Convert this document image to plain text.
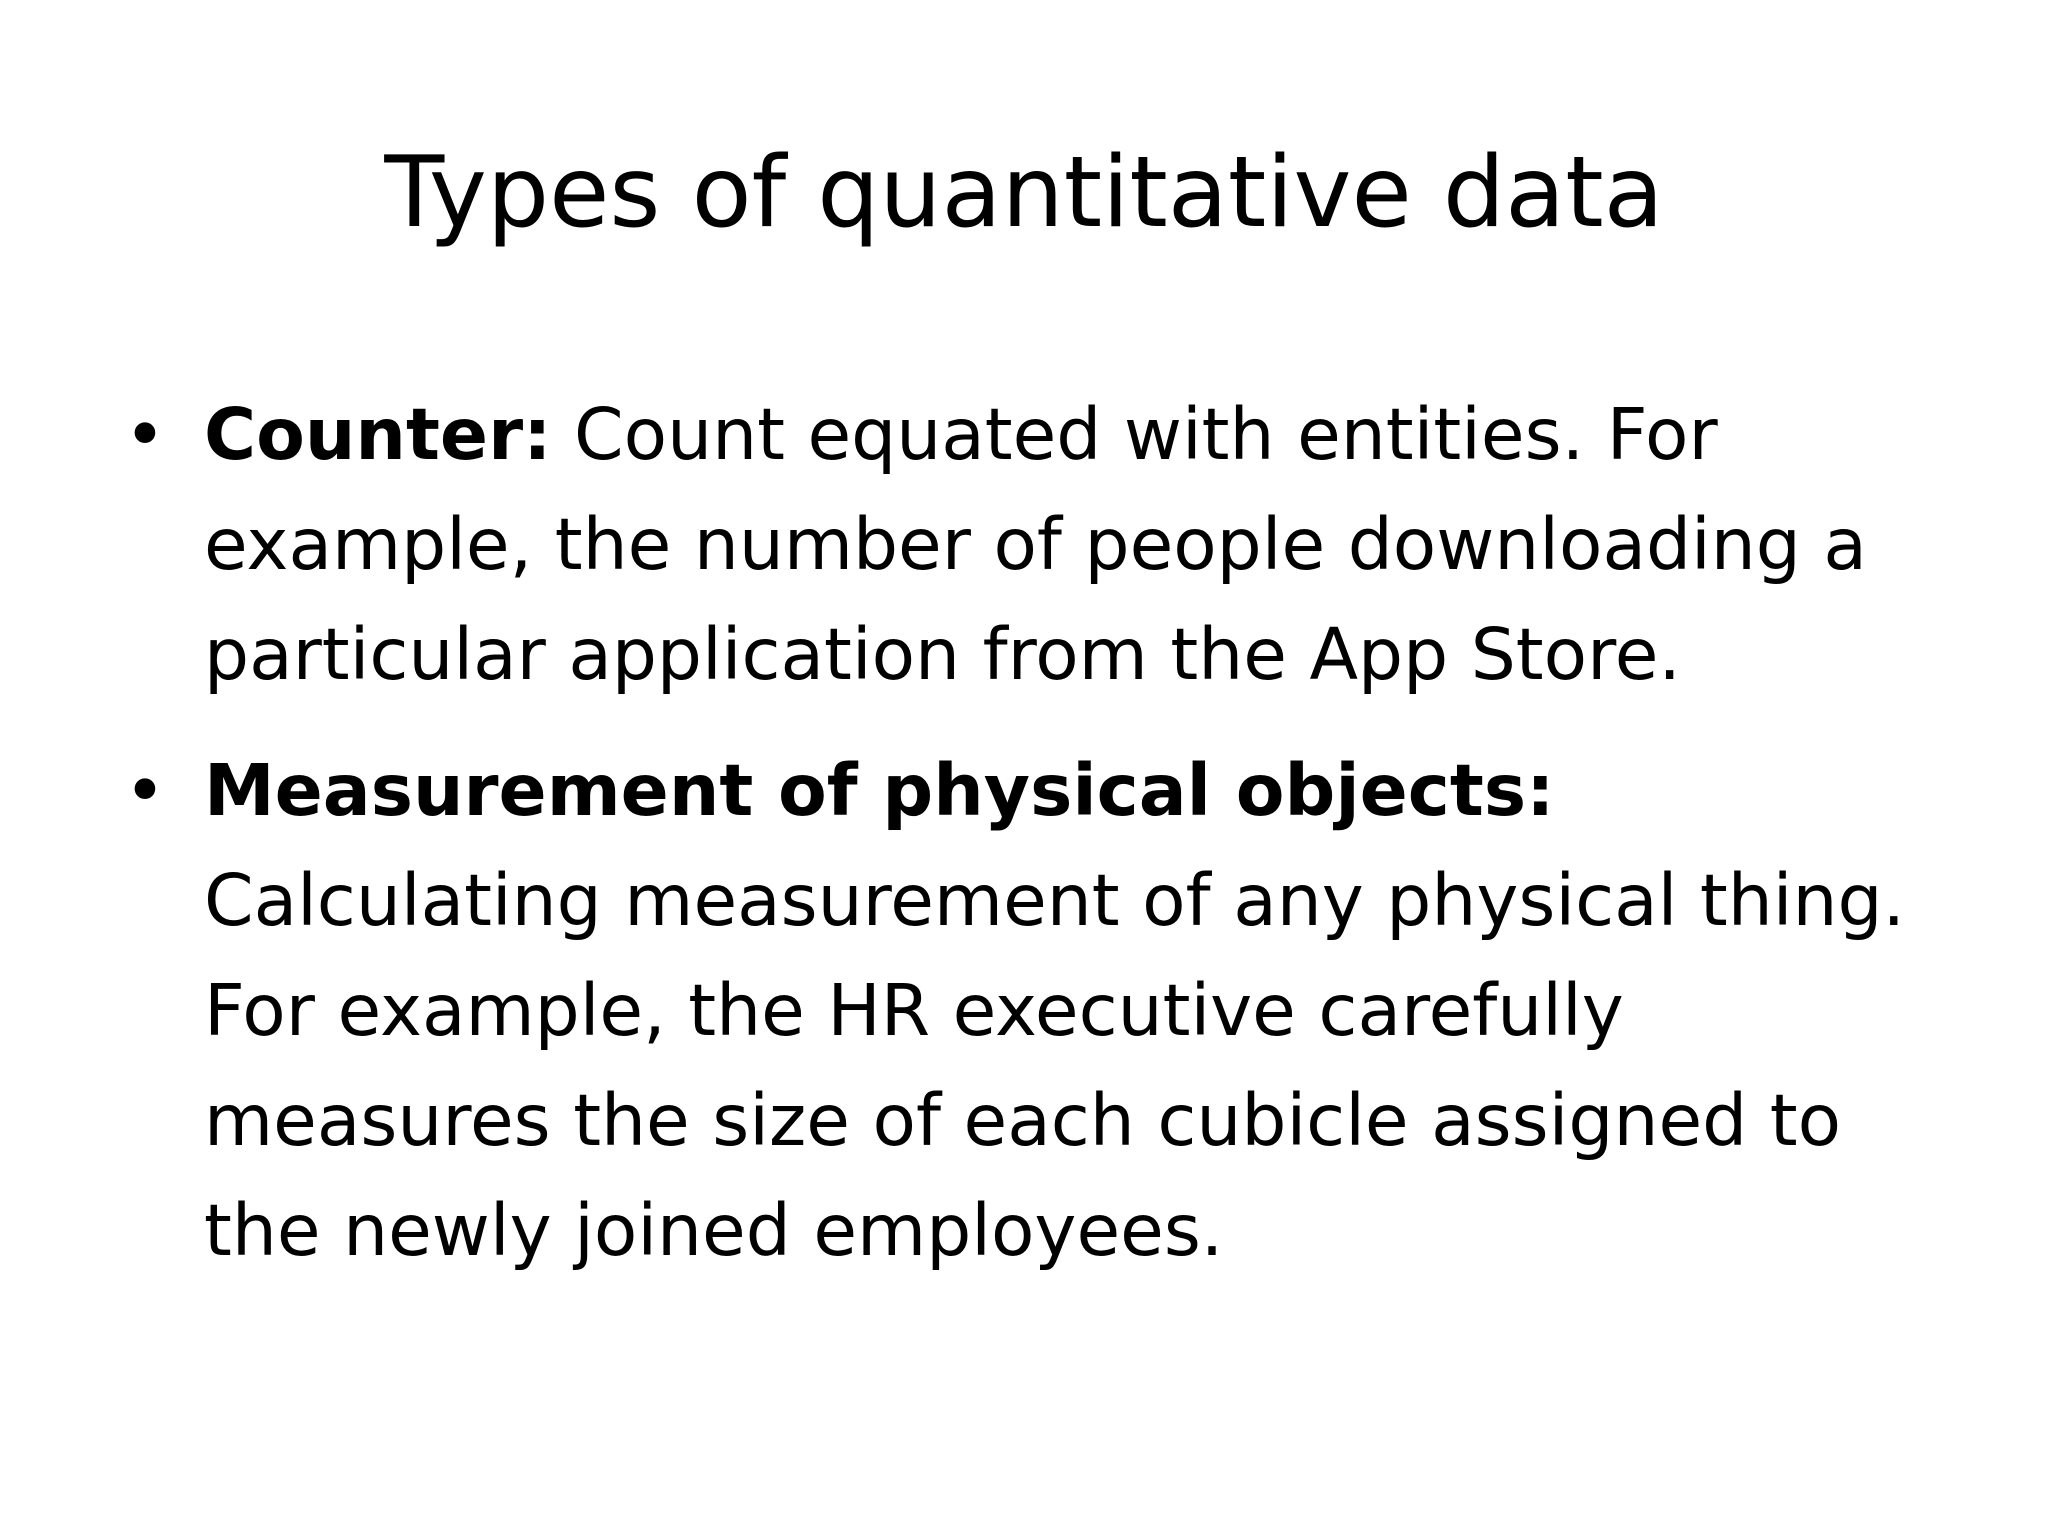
Types of quantitative data
• Counter: Count equated with entities. For example, the number of people downloading a particular application from the App Store.
• Measurement of physical objects: Calculating measurement of any physical thing. For example, the HR executive carefully measures the size of each cubicle assigned to the newly joined employees.
